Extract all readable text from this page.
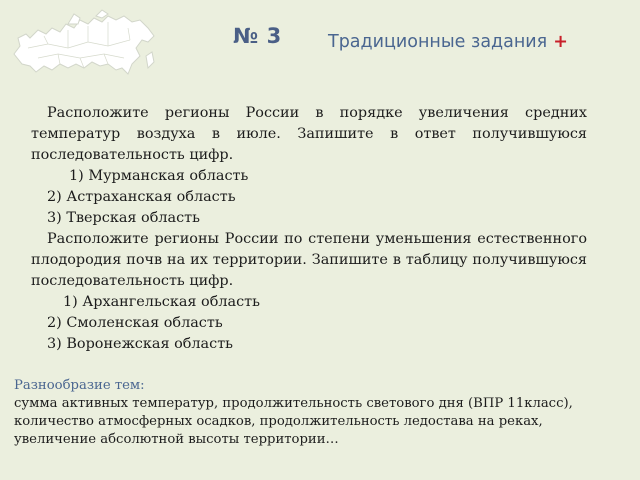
№ 3	Традиционные задания +

Расположите регионы России в порядке увеличения средних температур воздуха в июле. Запишите в ответ получившуюся последовательность цифр.

1) Мурманская область

2) Астраханская область

3) Тверская область

Расположите регионы России по степени уменьшения естественного плодородия почв на их территории. Запишите в таблицу получившуюся последовательность цифр.

1) Архангельская область

2) Смоленская область

3) Воронежская область

Разнообразие тем:

сумма активных температур, продолжительность светового дня (ВПР 11класс), количество атмосферных осадков, продолжительность ледостава на реках, увеличение абсолютной высоты территории…
